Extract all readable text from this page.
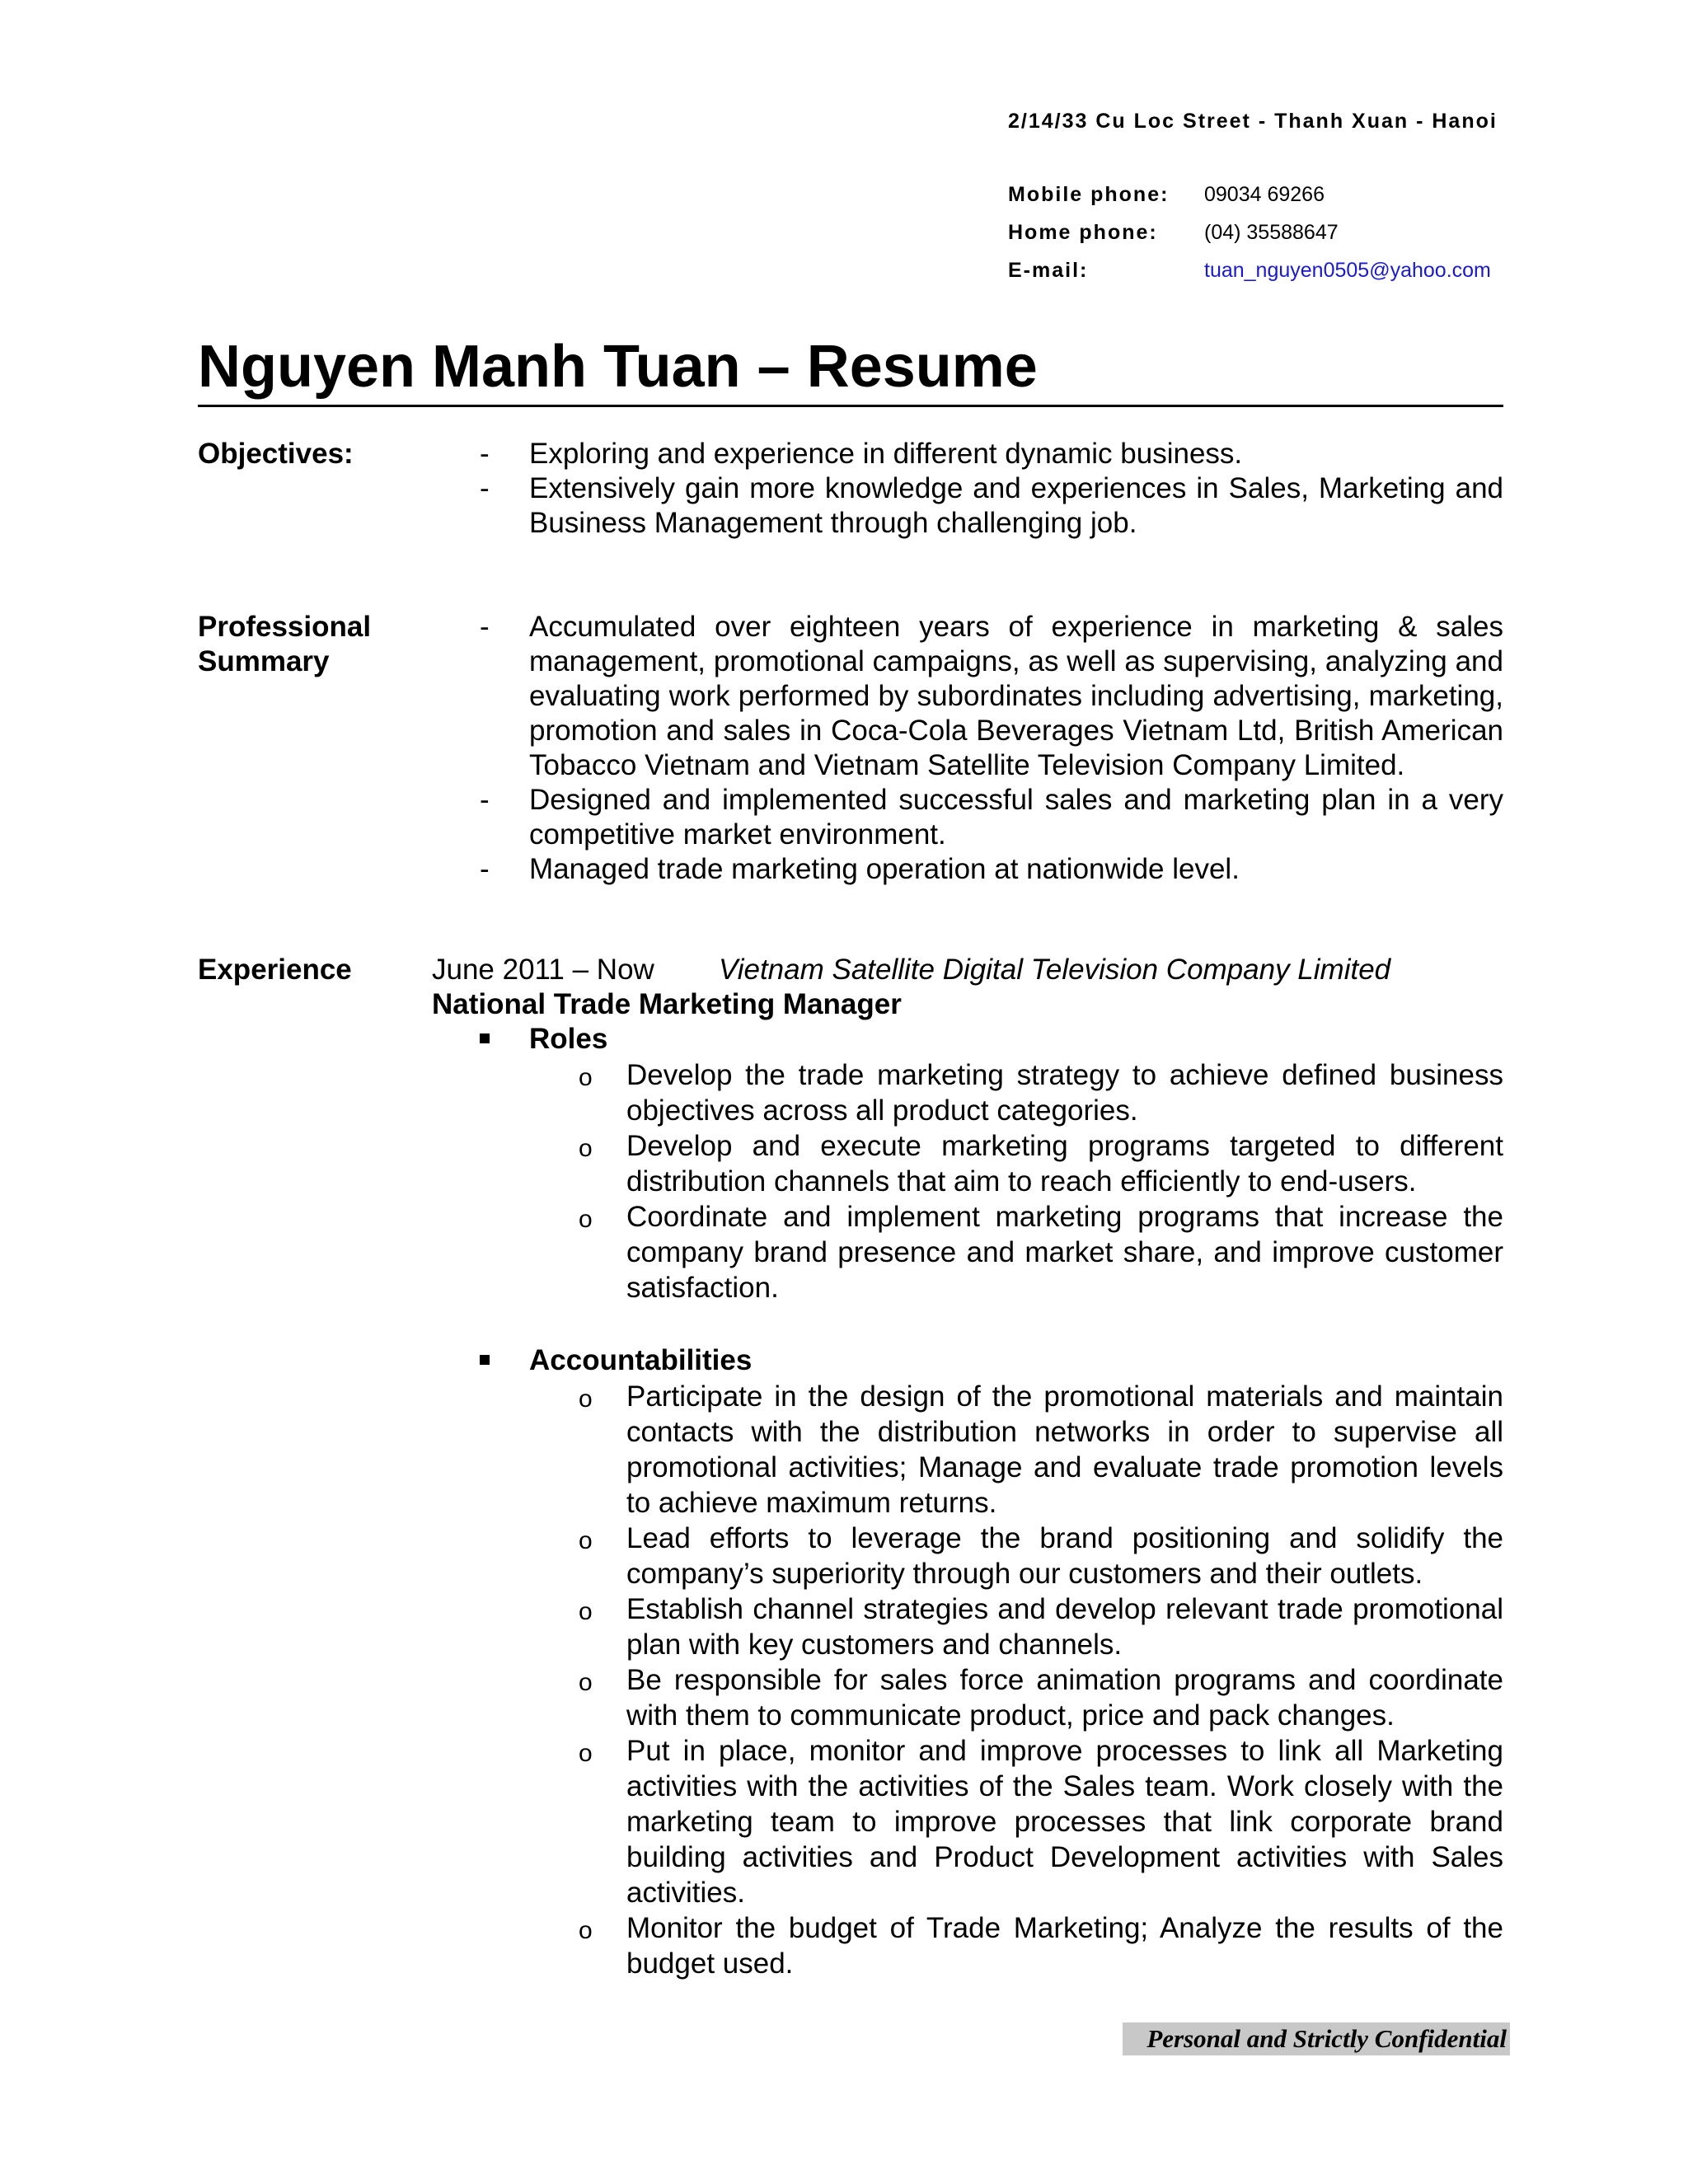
2/14/33 Cu Loc Street - Thanh Xuan - Hanoi
Mobile phone:	09034 69266
Home phone:	(04) 35588647
E-mail:	tuan_nguyen0505@yahoo.com
Nguyen Manh Tuan – Resume
Objectives:	- Exploring and experience in different dynamic business.
- Extensively gain more knowledge and experiences in Sales, Marketing and Business Management through challenging job.
Professional
Summary
- Accumulated over eighteen years of experience in marketing & sales management, promotional campaigns, as well as supervising, analyzing and evaluating work performed by subordinates including advertising, marketing, promotion and sales in Coca-Cola Beverages Vietnam Ltd, British American Tobacco Vietnam and Vietnam Satellite Television Company Limited.
- Designed and implemented successful sales and marketing plan in a very competitive market environment.
- Managed trade marketing operation at nationwide level.
Experience	June 2011 – Now Vietnam Satellite Digital Television Company Limited
National Trade Marketing Manager
Roles
o Develop the trade marketing strategy to achieve defined business objectives across all product categories.
o Develop and execute marketing programs targeted to different distribution channels that aim to reach efficiently to end-users.
o Coordinate and implement marketing programs that increase the company brand presence and market share, and improve customer satisfaction.
Accountabilities
o Participate in the design of the promotional materials and maintain contacts with the distribution networks in order to supervise all promotional activities; Manage and evaluate trade promotion levels to achieve maximum returns.
o Lead efforts to leverage the brand positioning and solidify the company’s superiority through our customers and their outlets.
o Establish channel strategies and develop relevant trade promotional plan with key customers and channels.
o Be responsible for sales force animation programs and coordinate with them to communicate product, price and pack changes.
o Put in place, monitor and improve processes to link all Marketing activities with the activities of the Sales team. Work closely with the marketing team to improve processes that link corporate brand building activities and Product Development activities with Sales activities.
o Monitor the budget of Trade Marketing; Analyze the results of the budget used.
Personal and Strictly Confidential
